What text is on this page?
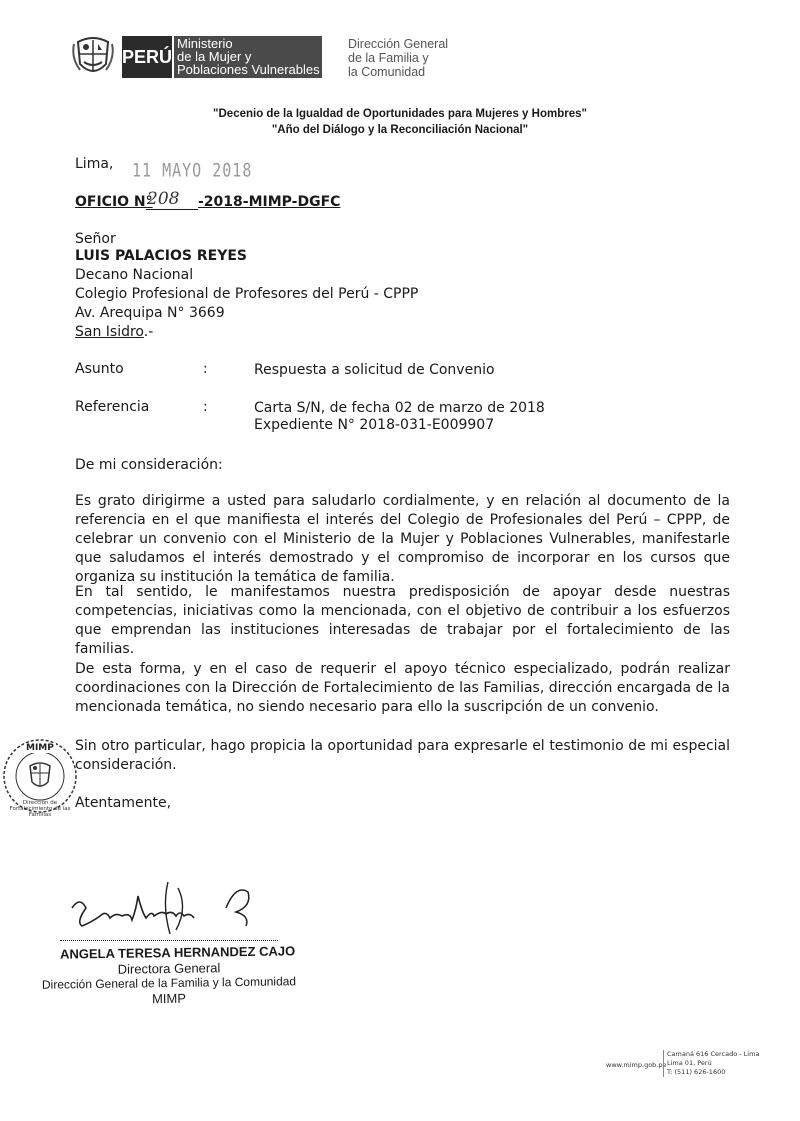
PERÚ
Ministerio
de la Mujer y
Poblaciones Vulnerables
Dirección General
de la Familia y
la Comunidad
"Decenio de la Igualdad de Oportunidades para Mujeres y Hombres"
"Año del Diálogo y la Reconciliación Nacional"
Lima, 11 MAYO 2018
OFICIO N°
208 -2018-MIMP-DGFC
Señor
LUIS PALACIOS REYES
Decano Nacional
Colegio Profesional de Profesores del Perú - CPPP
Av. Arequipa N° 3669
San Isidro.-
Asunto	:	Respuesta a solicitud de Convenio
Referencia	:	Carta S/N, de fecha 02 de marzo de 2018
Expediente N° 2018-031-E009907
De mi consideración:
Es grato dirigirme a usted para saludarlo cordialmente, y en relación al documento de la referencia en el que manifiesta el interés del Colegio de Profesionales del Perú – CPPP, de celebrar un convenio con el Ministerio de la Mujer y Poblaciones Vulnerables, manifestarle que saludamos el interés demostrado y el compromiso de incorporar en los cursos que organiza su institución la temática de familia.
En tal sentido, le manifestamos nuestra predisposición de apoyar desde nuestras competencias, iniciativas como la mencionada, con el objetivo de contribuir a los esfuerzos que emprendan las instituciones interesadas de trabajar por el fortalecimiento de las familias.
De esta forma, y en el caso de requerir el apoyo técnico especializado, podrán realizar coordinaciones con la Dirección de Fortalecimiento de las Familias, dirección encargada de la mencionada temática, no siendo necesario para ello la suscripción de un convenio.
Sin otro particular, hago propicia la oportunidad para expresarle el testimonio de mi especial consideración.
Atentamente,
MIMP
Dirección de Fortalecimiento de las Familias
ANGELA TERESA HERNANDEZ CAJO
Directora General
Dirección General de la Familia y la Comunidad
MIMP
www.mimp.gob.pe
Camaná 616 Cercado - Lima
Lima 01, Perú
T: (511) 626-1600
